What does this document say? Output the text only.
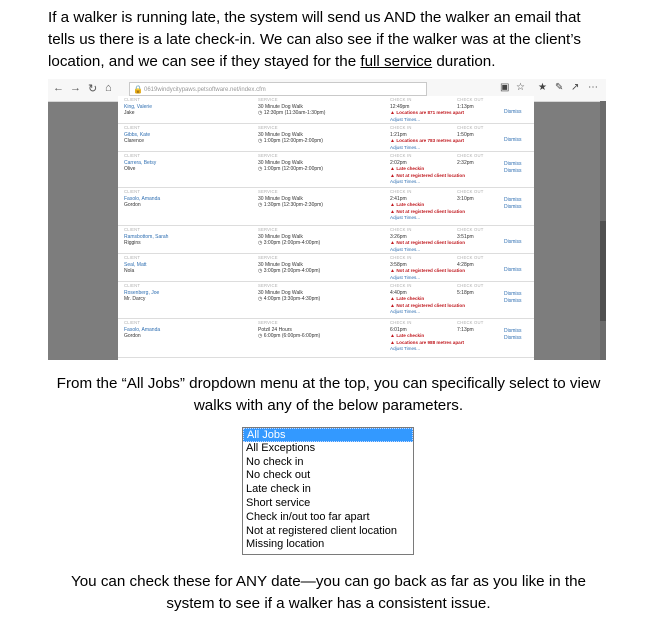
If a walker is running late, the system will send us AND the walker an email that
tells us there is a late check-in. We can also see if the walker was at the client’s
location, and we can see if they stayed for the full service duration.
← → ↻ ⌂	🔒 0619windycitypaws.petsoftware.net/index.cfm	▣ ☆ ★ ✎ ↗ ⋯
CLIENT
King, Valerie
Jake
SERVICE
30 Minute Dog Walk
◷ 12:30pm (11:30am-1:30pm)
CHECK IN
12:49pm
▲ Locations are 871 metres apart
Adjust Times...
CHECK OUT
1:13pm
Dismiss
CLIENT
Gibbs, Kate
Clarence
SERVICE
30 Minute Dog Walk
◷ 1:00pm (12:00pm-2:00pm)
CHECK IN
1:21pm
▲ Locations are 783 metres apart
Adjust Times...
CHECK OUT
1:50pm
Dismiss
CLIENT
Carrera, Betsy
Olive
SERVICE
30 Minute Dog Walk
◷ 1:00pm (12:00pm-2:00pm)
CHECK IN
2:02pm
▲ Late checkin
▲ Not at registered client location
Adjust Times...
CHECK OUT
2:32pm	Dismiss
Dismiss
CLIENT
Fasolo, Amanda
Gordon
SERVICE
30 Minute Dog Walk
◷ 1:30pm (12:30pm-2:30pm)
CHECK IN
2:41pm
▲ Late checkin
▲ Not at registered client location
Adjust Times...
CHECK OUT
3:10pm	Dismiss
Dismiss
CLIENT
Ramsbottom, Sarah
Riggins
SERVICE
30 Minute Dog Walk
◷ 3:00pm (2:00pm-4:00pm)
CHECK IN
3:26pm
▲ Not at registered client location
Adjust Times...
CHECK OUT
3:51pm
Dismiss
CLIENT
Seal, Matt
Nola
SERVICE
30 Minute Dog Walk
◷ 3:00pm (2:00pm-4:00pm)
CHECK IN
3:58pm
▲ Not at registered client location
Adjust Times...
CHECK OUT
4:28pm
Dismiss
CLIENT
Rosenberg, Joe
Mr. Darcy
SERVICE
30 Minute Dog Walk
◷ 4:00pm (3:30pm-4:30pm)
CHECK IN
4:40pm
▲ Late checkin
▲ Not at registered client location
Adjust Times...
CHECK OUT
5:18pm	Dismiss
Dismiss
CLIENT
Fasolo, Amanda
Gordon
SERVICE
Potzil 24 Hours
◷ 6:00pm (6:00pm-6:00pm)
CHECK IN
6:01pm
▲ Late checkin
▲ Locations are 988 metres apart
Adjust Times...
CHECK OUT
7:13pm	Dismiss
Dismiss
From the “All Jobs” dropdown menu at the top, you can specifically select to view
walks with any of the below parameters.
All Jobs
All Exceptions
No check in
No check out
Late check in
Short service
Check in/out too far apart
Not at registered client location
Missing location
You can check these for ANY date—you can go back as far as you like in the
system to see if a walker has a consistent issue.
